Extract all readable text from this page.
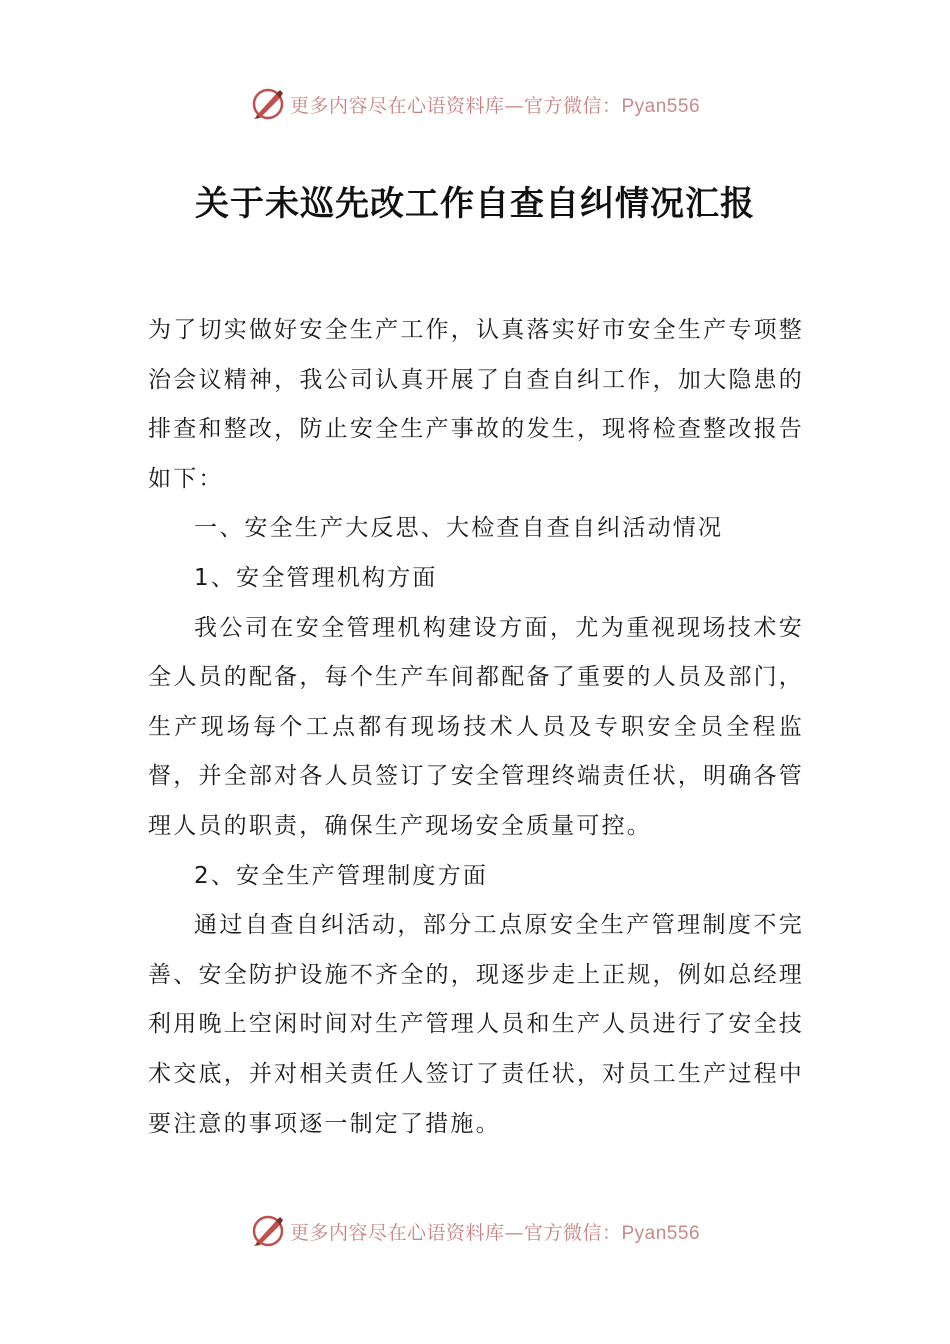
更多内容尽在心语资料库—官方微信：Pyan556
关于未巡先改工作自查自纠情况汇报

为了切实做好安全生产工作，认真落实好市安全生产专项整治会议精神，我公司认真开展了自查自纠工作，加大隐患的排查和整改，防止安全生产事故的发生，现将检查整改报告如下：

一、安全生产大反思、大检查自查自纠活动情况

1、安全管理机构方面

我公司在安全管理机构建设方面，尤为重视现场技术安全人员的配备，每个生产车间都配备了重要的人员及部门，生产现场每个工点都有现场技术人员及专职安全员全程监督，并全部对各人员签订了安全管理终端责任状，明确各管理人员的职责，确保生产现场安全质量可控。

2、安全生产管理制度方面

通过自查自纠活动，部分工点原安全生产管理制度不完善、安全防护设施不齐全的，现逐步走上正规，例如总经理利用晚上空闲时间对生产管理人员和生产人员进行了安全技术交底，并对相关责任人签订了责任状，对员工生产过程中要注意的事项逐一制定了措施。

更多内容尽在心语资料库—官方微信：Pyan556
